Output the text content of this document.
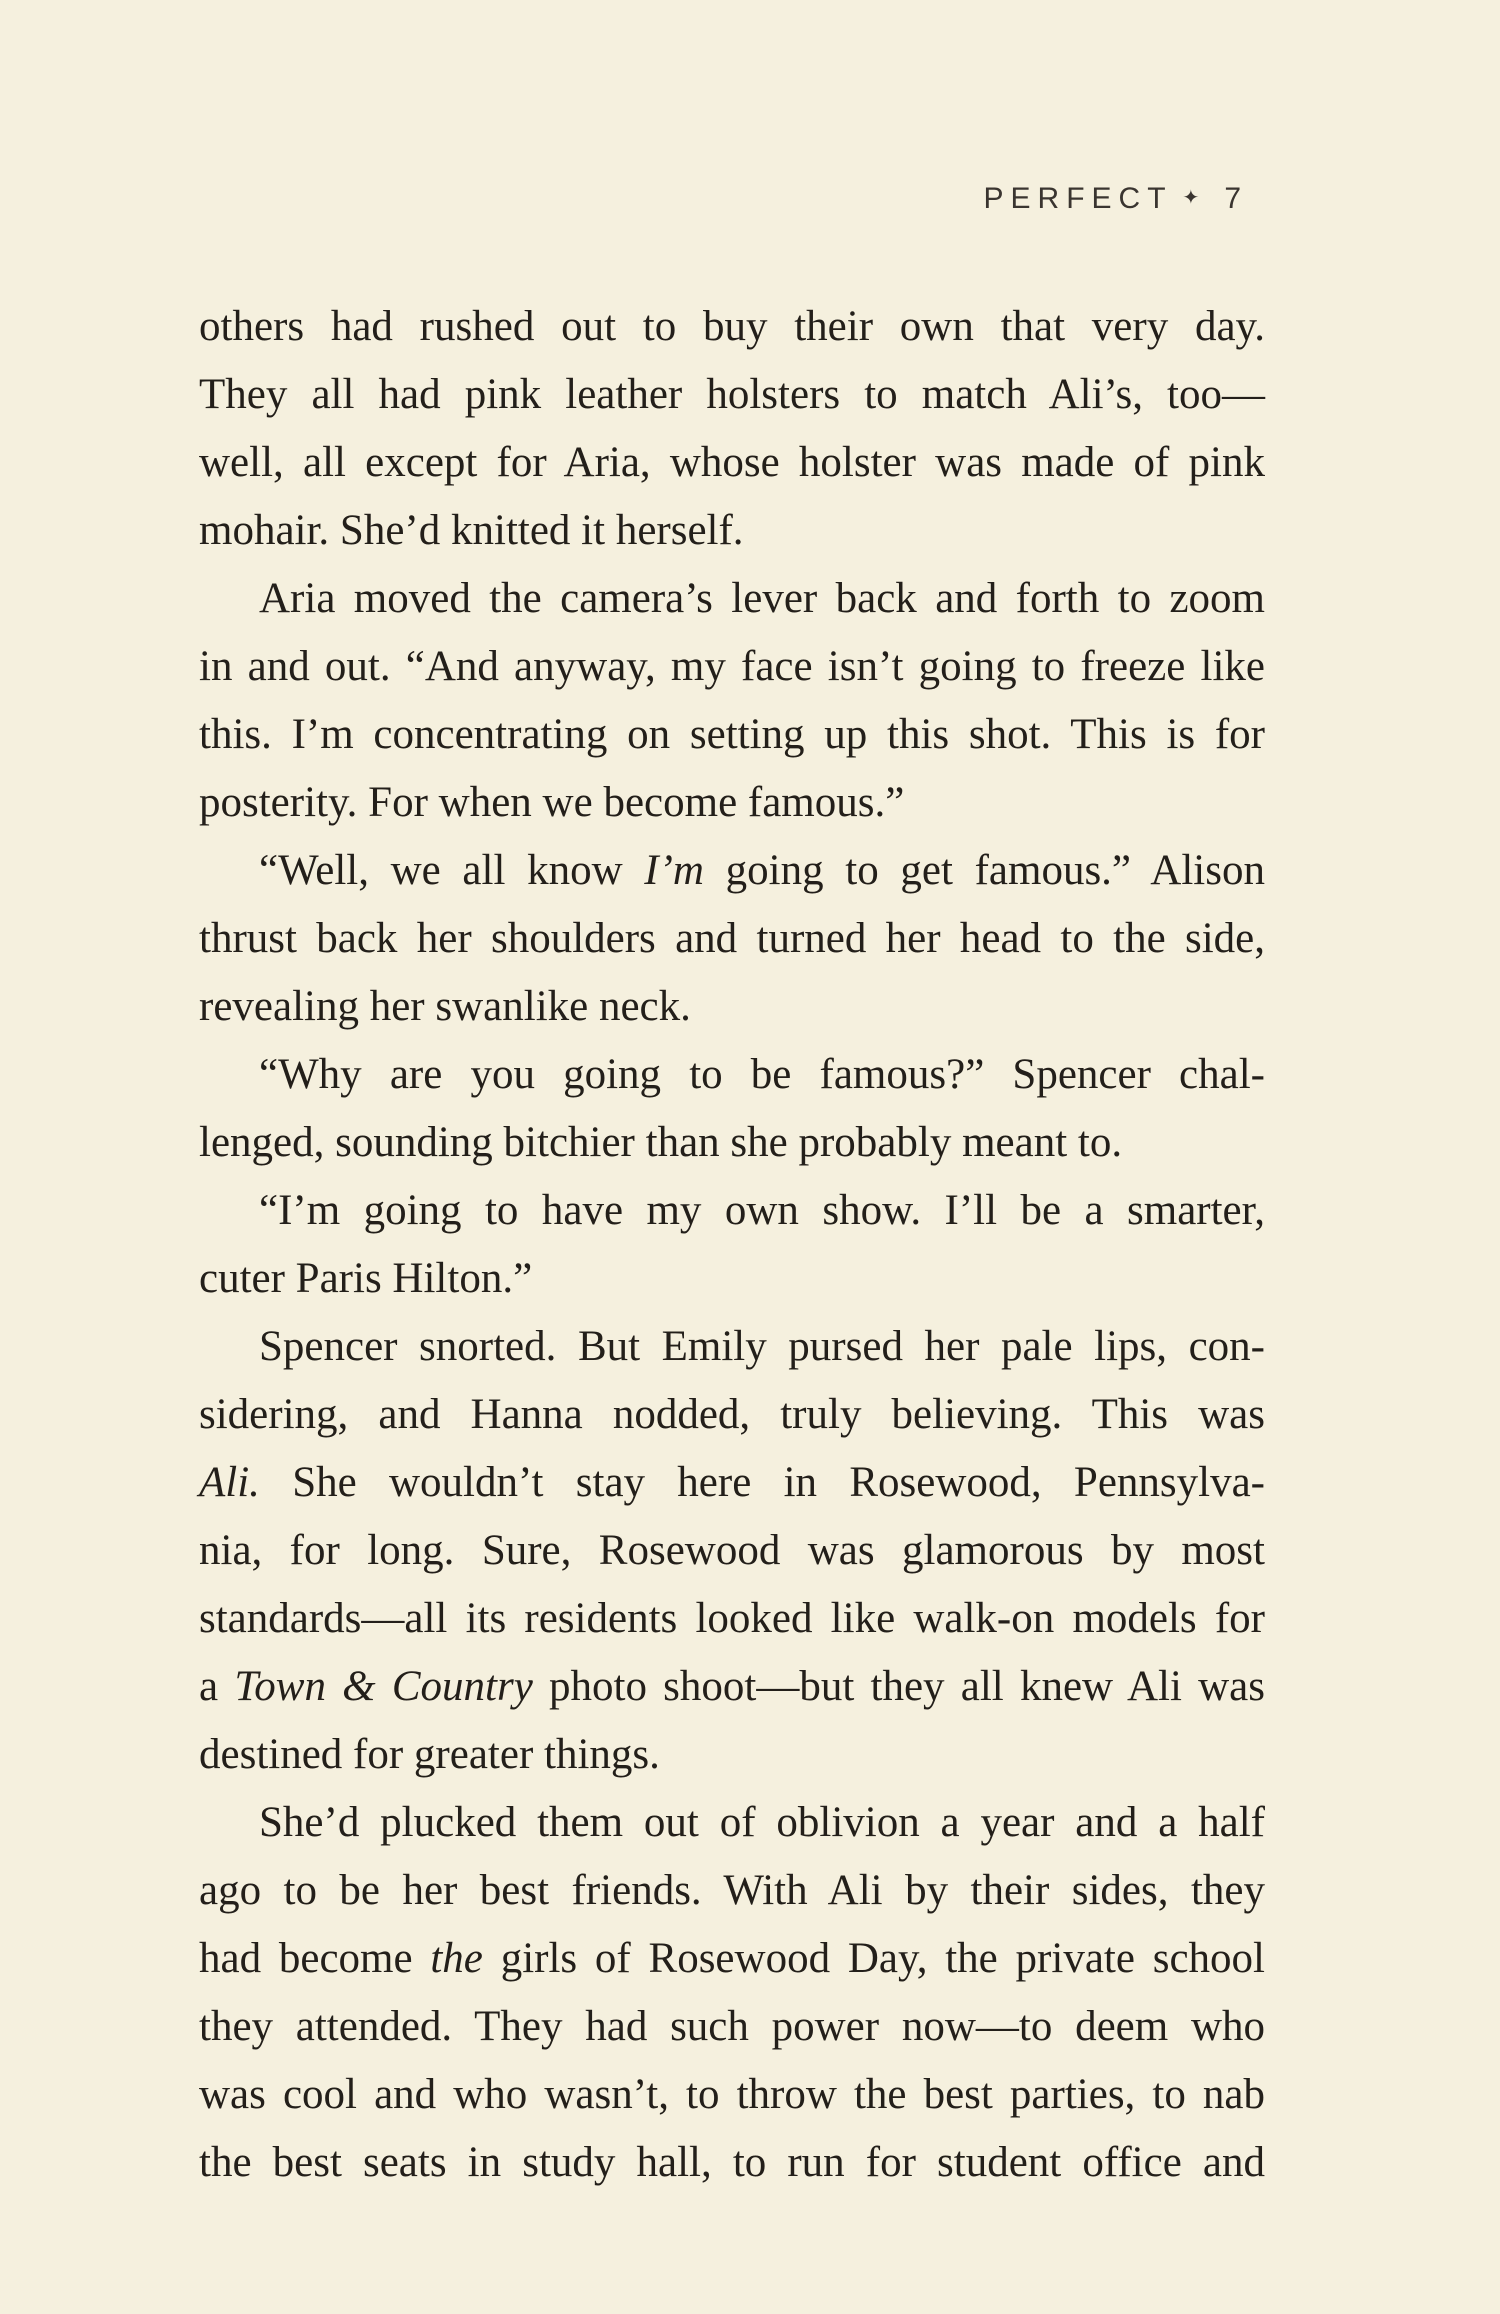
PERFECT ✦ 7
others had rushed out to buy their own that very day.
They all had pink leather holsters to match Ali’s, too—
well, all except for Aria, whose holster was made of pink
mohair. She’d knitted it herself.
Aria moved the camera’s lever back and forth to zoom
in and out. “And anyway, my face isn’t going to freeze like
this. I’m concentrating on setting up this shot. This is for
posterity. For when we become famous.”
“Well, we all know I’m going to get famous.” Alison
thrust back her shoulders and turned her head to the side,
revealing her swanlike neck.
“Why are you going to be famous?” Spencer chal-
lenged, sounding bitchier than she probably meant to.
“I’m going to have my own show. I’ll be a smarter,
cuter Paris Hilton.”
Spencer snorted. But Emily pursed her pale lips, con-
sidering, and Hanna nodded, truly believing. This was
Ali. She wouldn’t stay here in Rosewood, Pennsylva-
nia, for long. Sure, Rosewood was glamorous by most
standards—all its residents looked like walk-on models for
a Town & Country photo shoot—but they all knew Ali was
destined for greater things.
She’d plucked them out of oblivion a year and a half
ago to be her best friends. With Ali by their sides, they
had become the girls of Rosewood Day, the private school
they attended. They had such power now—to deem who
was cool and who wasn’t, to throw the best parties, to nab
the best seats in study hall, to run for student office and
